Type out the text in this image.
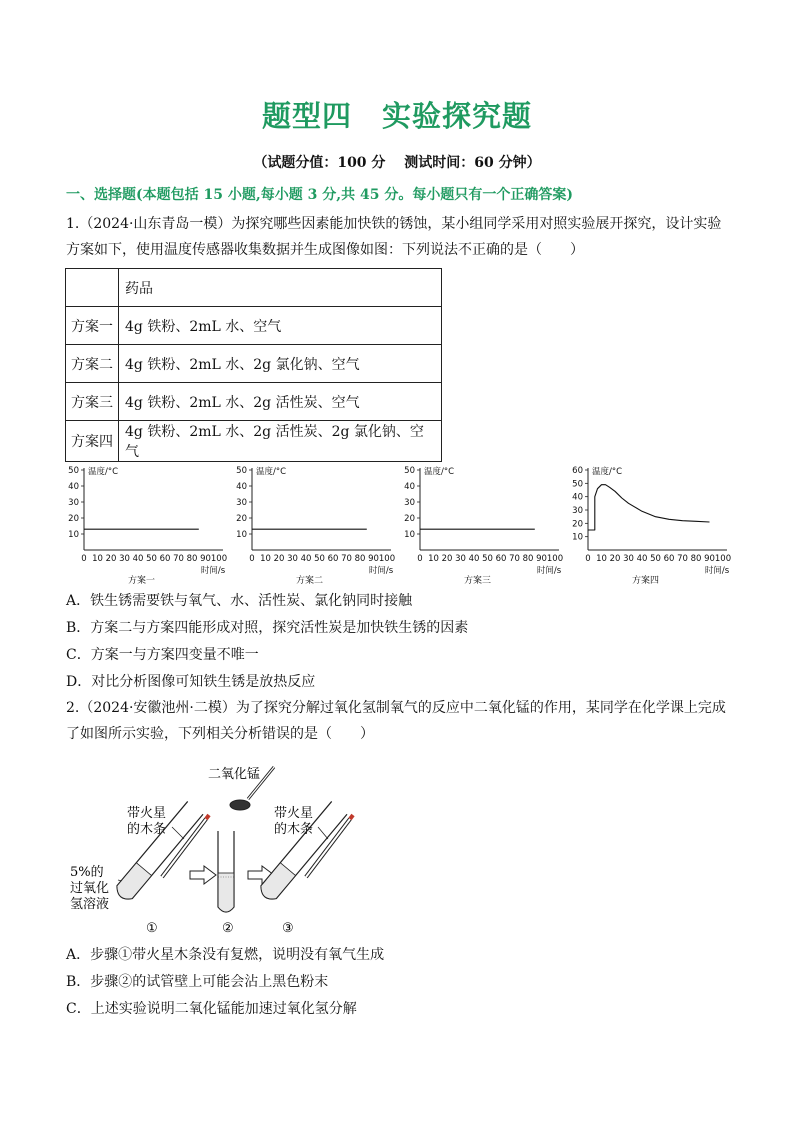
题型四　实验探究题
（试题分值：100 分　 测试时间：60 分钟）
一、选择题(本题包括 15 小题,每小题 3 分,共 45 分。每小题只有一个正确答案)
1.（2024·山东青岛一模）为探究哪些因素能加快铁的锈蚀，某小组同学采用对照实验展开探究，设计实验
方案如下，使用温度传感器收集数据并生成图像如图：下列说法不正确的是（　　）
	药品
方案一	4g 铁粉、2mL 水、空气
方案二	4g 铁粉、2mL 水、2g 氯化钠、空气
方案三	4g 铁粉、2mL 水、2g 活性炭、空气
方案四	4g 铁粉、2mL 水、2g 活性炭、2g 氯化钠、空气
10
20
30
40
50 温度/°C
0 10 20 30 40 50 60 70 80 90 100
时间/s
方案一
10
20
30
40
50 温度/°C
0 10 20 30 40 50 60 70 80 90 100
时间/s
方案二
10
20
30
40
50 温度/°C
0 10 20 30 40 50 60 70 80 90 100
时间/s
方案三
10
20
30
40
50
60 温度/°C
0 10 20 30 40 50 60 70 80 90 100
时间/s
方案四
A．铁生锈需要铁与氧气、水、活性炭、氯化钠同时接触
B．方案二与方案四能形成对照，探究活性炭是加快铁生锈的因素
C．方案一与方案四变量不唯一
D．对比分析图像可知铁生锈是放热反应
2.（2024·安徽池州·二模）为了探究分解过氧化氢制氧气的反应中二氧化锰的作用，某同学在化学课上完成
了如图所示实验，下列相关分析错误的是（　　）
二氧化锰
带火星
的木条
带火星
的木条
5%的
过氧化
氢溶液
①	②	③
A．步骤①带火星木条没有复燃，说明没有氧气生成
B．步骤②的试管壁上可能会沾上黑色粉末
C．上述实验说明二氧化锰能加速过氧化氢分解
